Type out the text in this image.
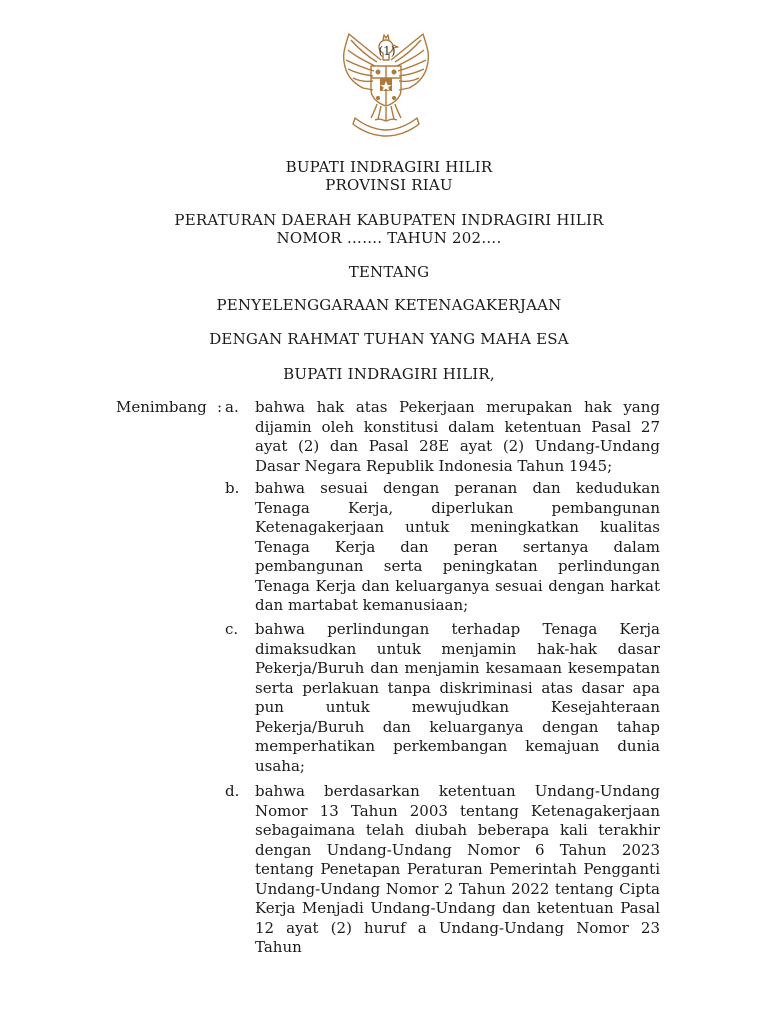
(1)
BUPATI INDRAGIRI HILIR
PROVINSI RIAU
PERATURAN DAERAH KABUPATEN INDRAGIRI HILIR
NOMOR ……. TAHUN 202….
TENTANG
PENYELENGGARAAN KETENAGAKERJAAN
DENGAN RAHMAT TUHAN YANG MAHA ESA
BUPATI INDRAGIRI HILIR,
Menimbang : a.	bahwa hak atas Pekerjaan merupakan hak yang dijamin oleh konstitusi dalam ketentuan Pasal 27 ayat (2) dan Pasal 28E ayat (2) Undang-Undang Dasar Negara Republik Indonesia Tahun 1945;
b.	bahwa sesuai dengan peranan dan kedudukan Tenaga Kerja, diperlukan pembangunan Ketenagakerjaan untuk meningkatkan kualitas Tenaga Kerja dan peran sertanya dalam pembangunan serta peningkatan perlindungan Tenaga Kerja dan keluarganya sesuai dengan harkat dan martabat kemanusiaan;
c.	bahwa perlindungan terhadap Tenaga Kerja dimaksudkan untuk menjamin hak-hak dasar Pekerja/Buruh dan menjamin kesamaan kesempatan serta perlakuan tanpa diskriminasi atas dasar apa pun untuk mewujudkan Kesejahteraan Pekerja/Buruh dan keluarganya dengan tahap memperhatikan perkembangan kemajuan dunia usaha;
d.	bahwa berdasarkan ketentuan Undang-Undang Nomor 13 Tahun 2003 tentang Ketenagakerjaan sebagaimana telah diubah beberapa kali terakhir dengan Undang-Undang Nomor 6 Tahun 2023 tentang Penetapan Peraturan Pemerintah Pengganti Undang-Undang Nomor 2 Tahun 2022 tentang Cipta Kerja Menjadi Undang-Undang dan ketentuan Pasal 12 ayat (2) huruf a Undang-Undang Nomor 23 Tahun
